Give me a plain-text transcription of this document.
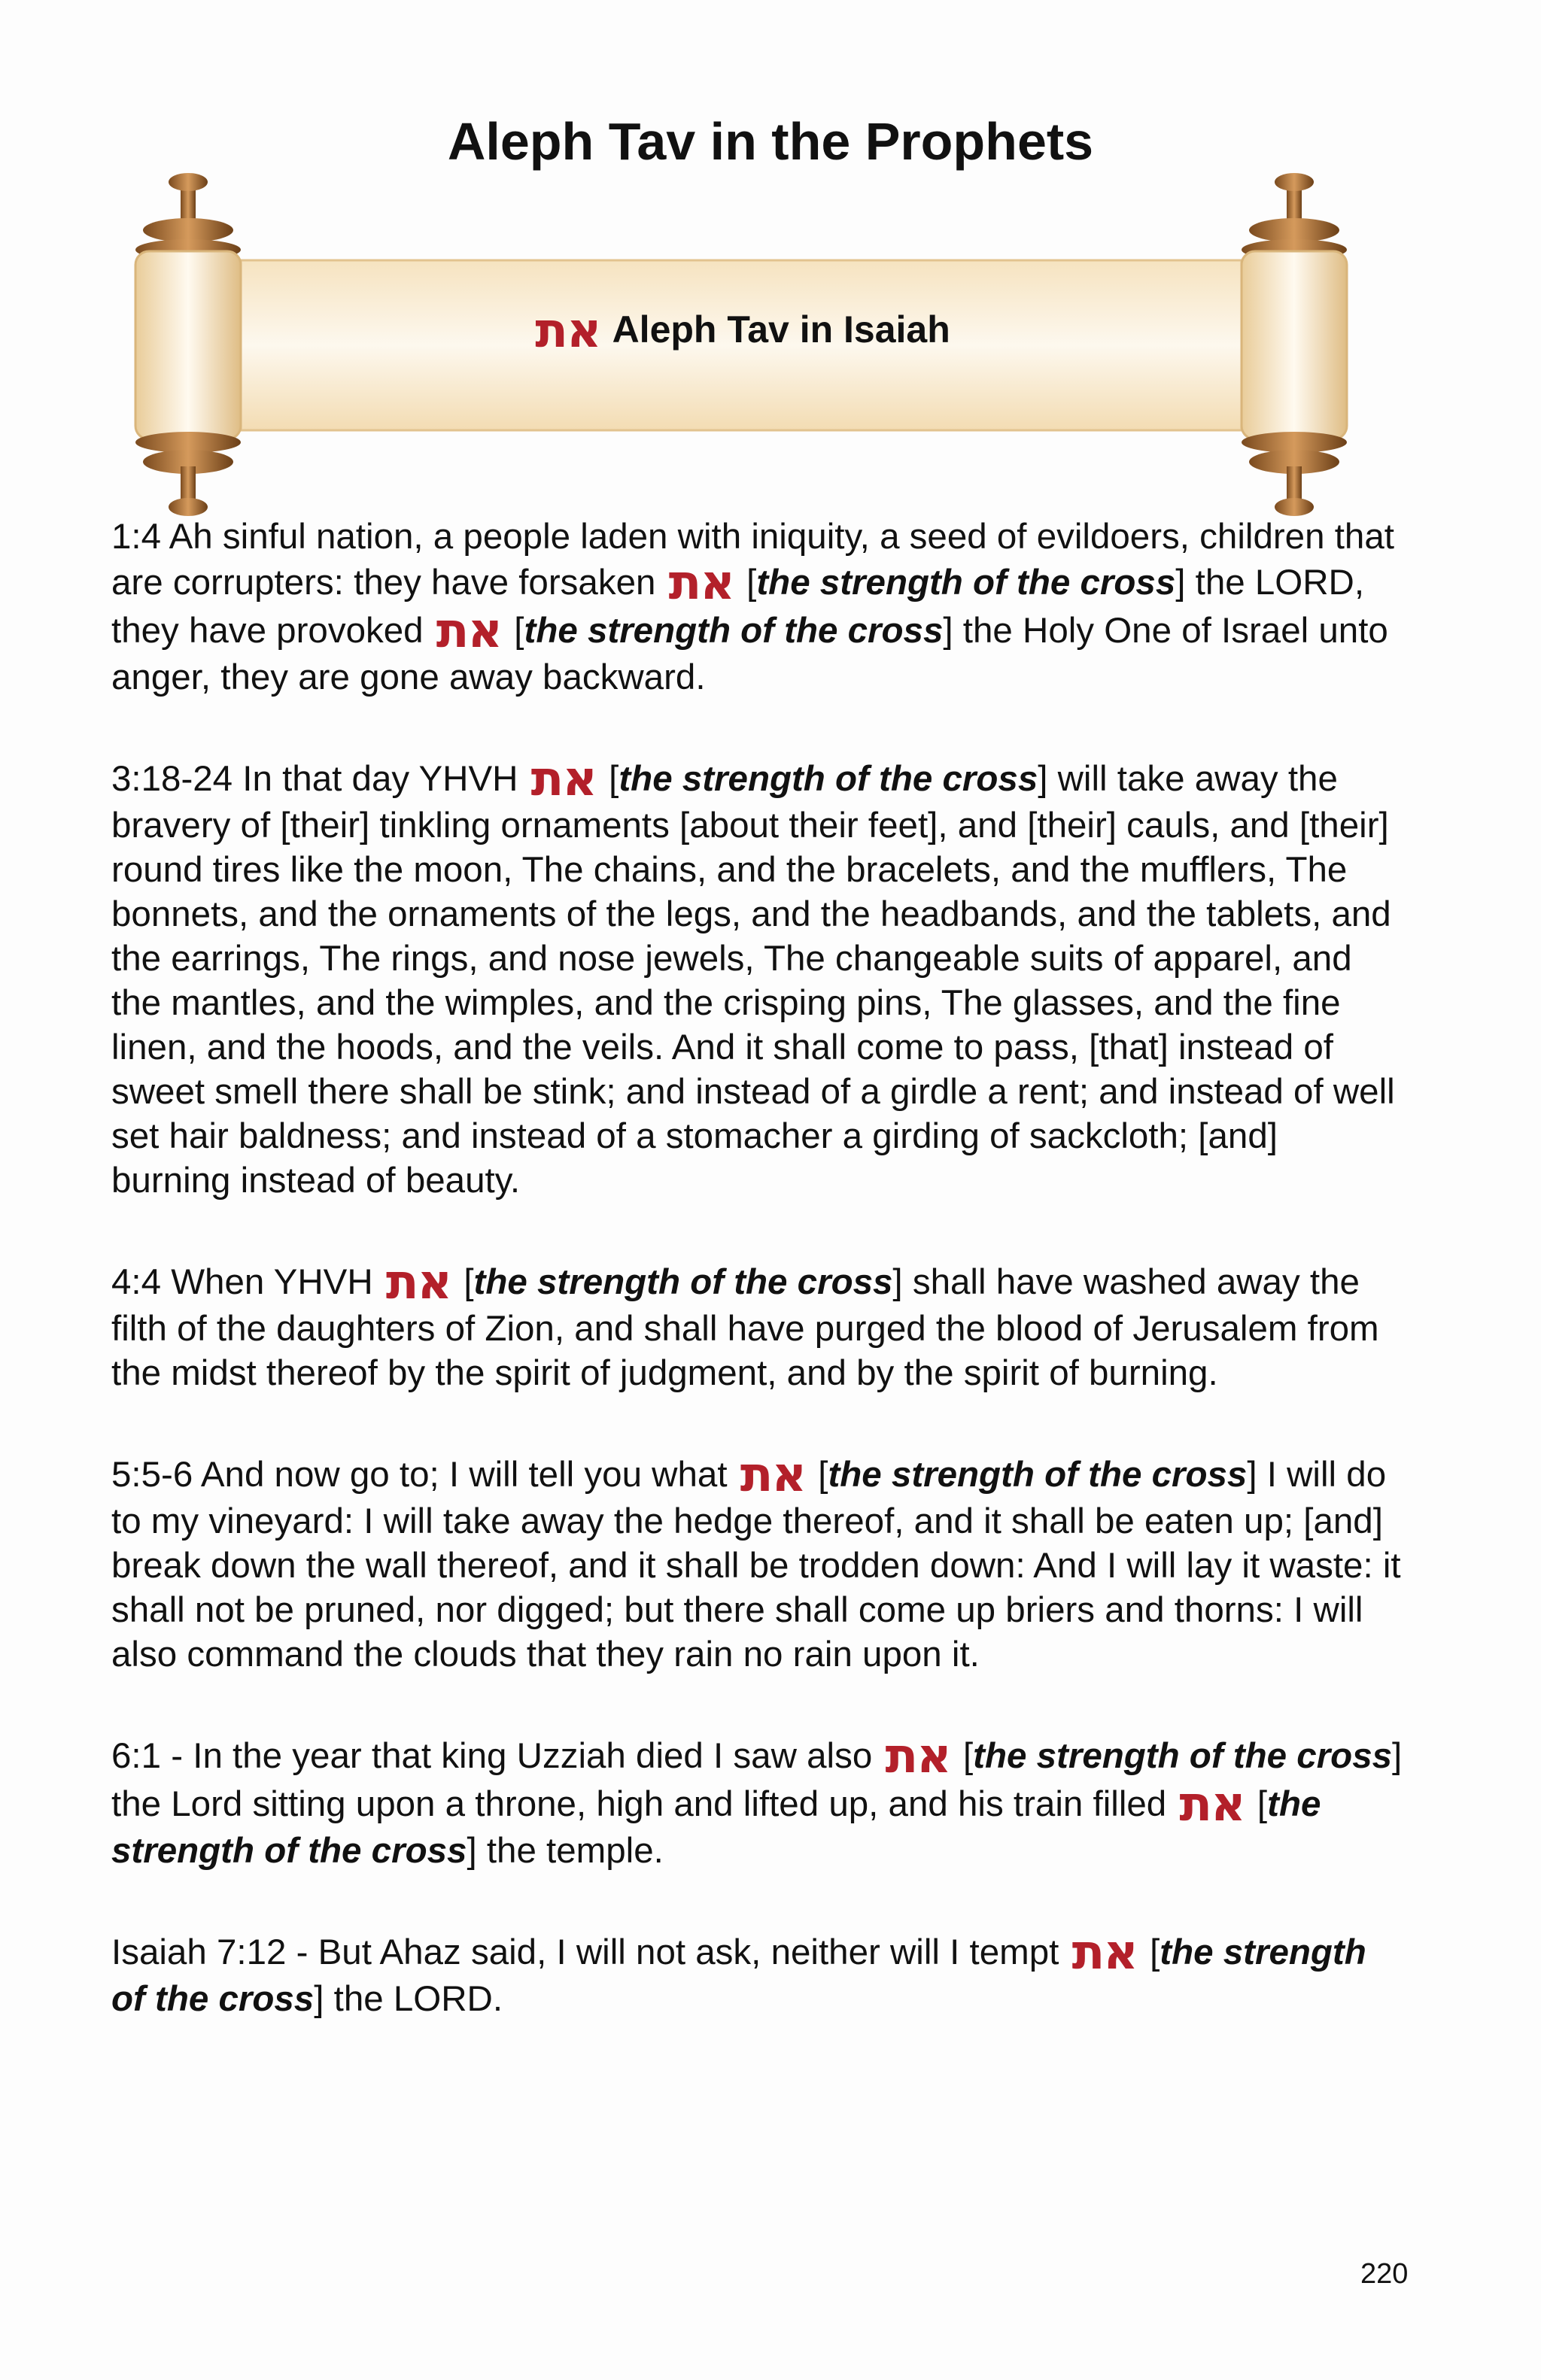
Aleph Tav in the Prophets
את Aleph Tav in Isaiah

1:4 Ah sinful nation, a people laden with iniquity, a seed of evildoers, children that are corrupters: they have forsaken את [the strength of the cross] the LORD, they have provoked את [the strength of the cross] the Holy One of Israel unto anger, they are gone away backward.

3:18-24 In that day YHVH את [the strength of the cross] will take away the bravery of [their] tinkling ornaments [about their feet], and [their] cauls, and [their] round tires like the moon, The chains, and the bracelets, and the mufflers, The bonnets, and the ornaments of the legs, and the headbands, and the tablets, and the earrings, The rings, and nose jewels, The changeable suits of apparel, and the mantles, and the wimples, and the crisping pins, The glasses, and the fine linen, and the hoods, and the veils. And it shall come to pass, [that] instead of sweet smell there shall be stink; and instead of a girdle a rent; and instead of well set hair baldness; and instead of a stomacher a girding of sackcloth; [and] burning instead of beauty.

4:4 When YHVH את [the strength of the cross] shall have washed away the filth of the daughters of Zion, and shall have purged the blood of Jerusalem from the midst thereof by the spirit of judgment, and by the spirit of burning.

5:5-6 And now go to; I will tell you what את [the strength of the cross] I will do to my vineyard: I will take away the hedge thereof, and it shall be eaten up; [and] break down the wall thereof, and it shall be trodden down: And I will lay it waste: it shall not be pruned, nor digged; but there shall come up briers and thorns: I will also command the clouds that they rain no rain upon it.

6:1 - In the year that king Uzziah died I saw also את [the strength of the cross] the Lord sitting upon a throne, high and lifted up, and his train filled את [the strength of the cross] the temple.

Isaiah 7:12 - But Ahaz said, I will not ask, neither will I tempt את [the strength of the cross] the LORD.

220
